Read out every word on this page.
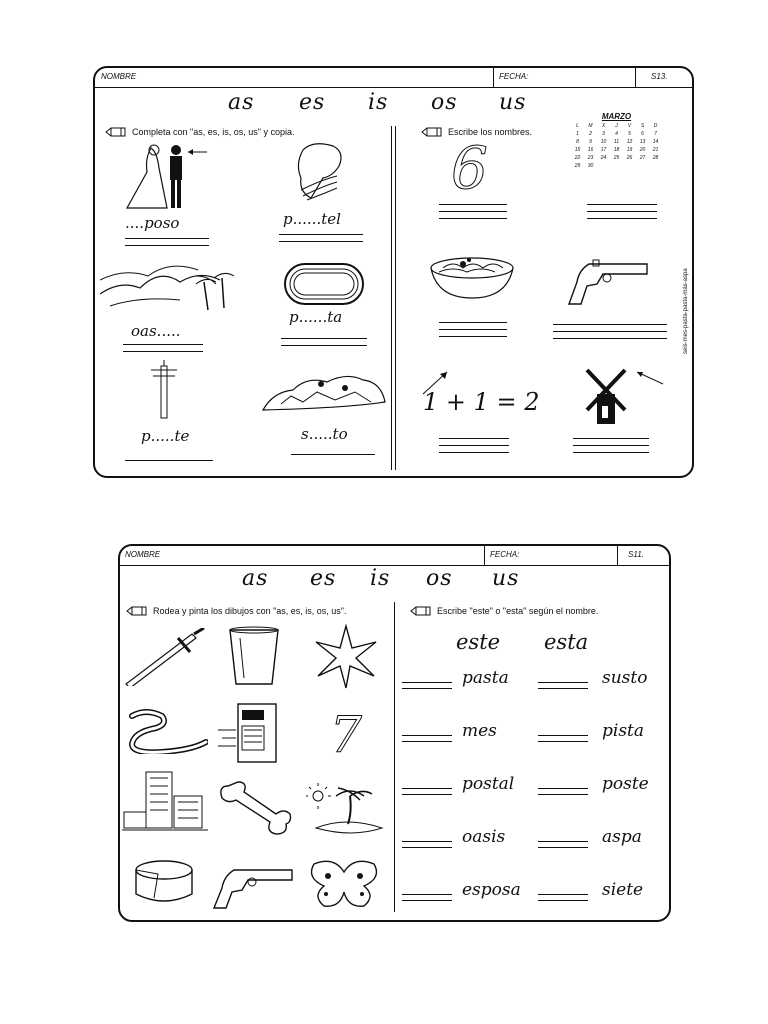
NOMBRE	FECHA:	S13.
as es is os us
Completa con "as, es, is, os, us" y copia.
....poso	p......tel
oas.....
p......ta
p.....te	s.....to
Escribe los nombres.
6
MARZO
L	M	X	J	V	S	D
1	2	3	4	5	6	7
8	9	10	11	12	13	14
15	16	17	18	19	20	21
22	23	24	25	26	27	28
29	30
1 + 1 = 2
seis-mes-pasta-pasta-más-aspa
NOMBRE	FECHA:	S11.
as es is os us
Rodea y pinta los dibujos con "as, es, is, os, us".
7
Escribe "este" o "esta" según el nombre.
este esta
pasta	susto
mes	pista
postal	poste
oasis	aspa
esposa	siete
